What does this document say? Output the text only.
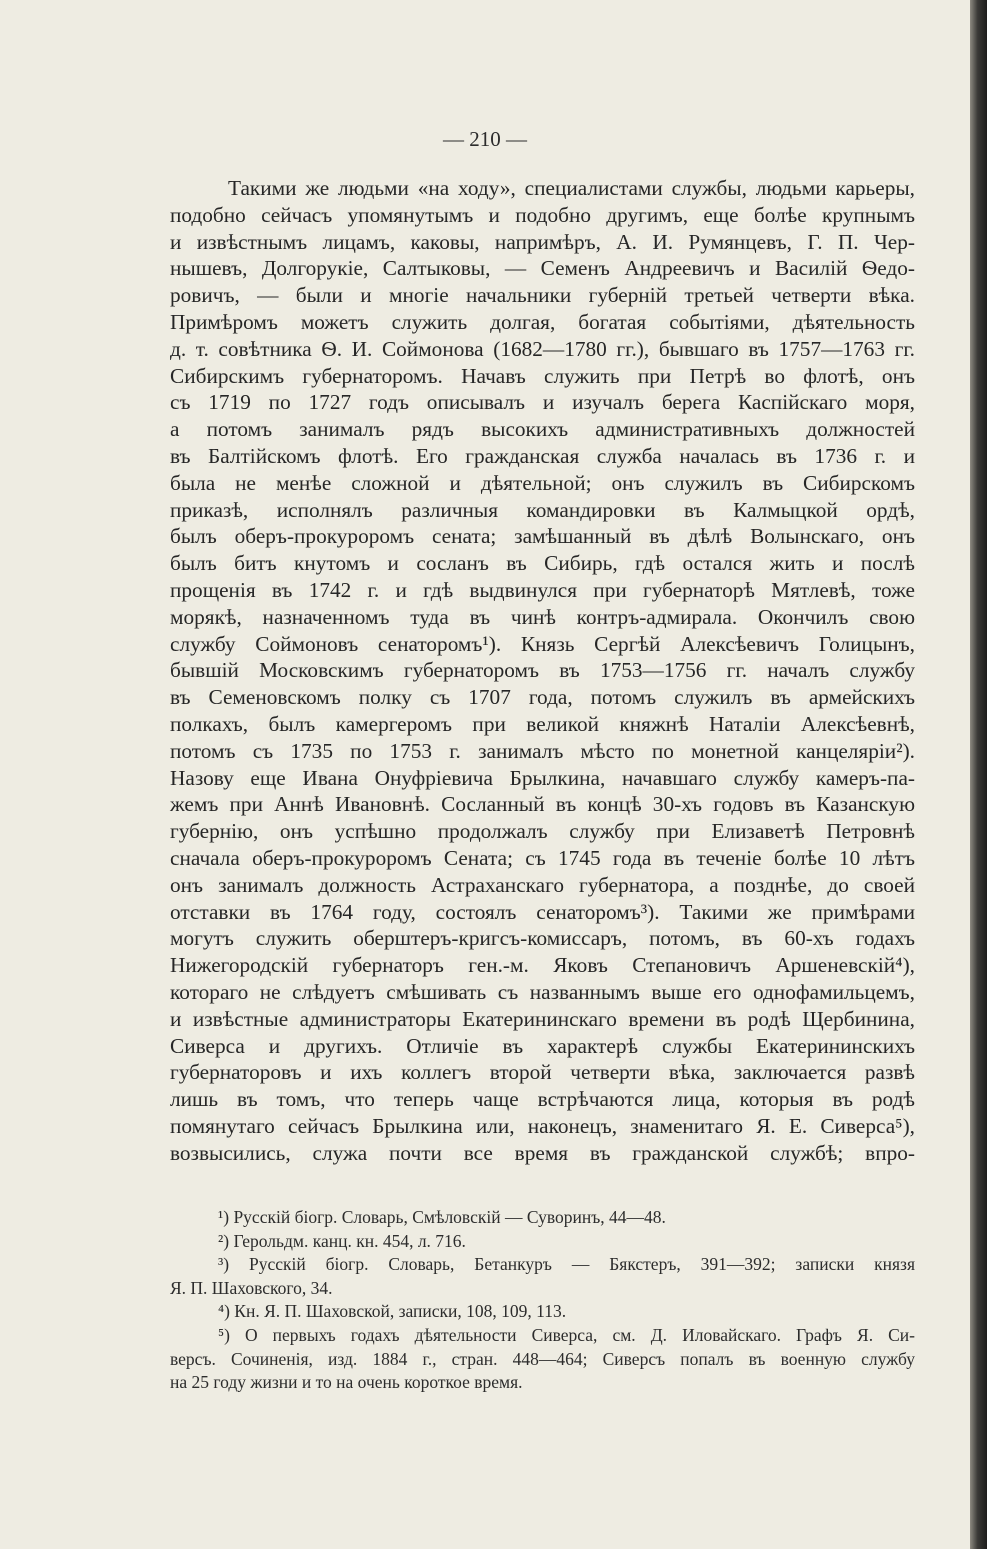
— 210 —
Такими же людьми «на ходу», специалистами службы, людьми карьеры,
подобно сейчасъ упомянутымъ и подобно другимъ, еще болѣе крупнымъ
и извѣстнымъ лицамъ, каковы, напримѣръ, А. И. Румянцевъ, Г. П. Чер-
нышевъ, Долгорукіе, Салтыковы, — Семенъ Андреевичъ и Василій Ѳедо-
ровичъ, — были и многіе начальники губерній третьей четверти вѣка.
Примѣромъ можетъ служить долгая, богатая событіями, дѣятельность
д. т. совѣтника Ѳ. И. Соймонова (1682—1780 гг.), бывшаго въ 1757—1763 гг.
Сибирскимъ губернаторомъ. Начавъ служить при Петрѣ во флотѣ, онъ
съ 1719 по 1727 годъ описывалъ и изучалъ берега Каспійскаго моря,
а потомъ занималъ рядъ высокихъ административныхъ должностей
въ Балтійскомъ флотѣ. Его гражданская служба началась въ 1736 г. и
была не менѣе сложной и дѣятельной; онъ служилъ въ Сибирскомъ
приказѣ, исполнялъ различныя командировки въ Калмыцкой ордѣ,
былъ оберъ-прокуроромъ сената; замѣшанный въ дѣлѣ Волынскаго, онъ
былъ битъ кнутомъ и сосланъ въ Сибирь, гдѣ остался жить и послѣ
прощенія въ 1742 г. и гдѣ выдвинулся при губернаторѣ Мятлевѣ, тоже
морякѣ, назначенномъ туда въ чинѣ контръ-адмирала. Окончилъ свою
службу Соймоновъ сенаторомъ¹). Князь Сергѣй Алексѣевичъ Голицынъ,
бывшій Московскимъ губернаторомъ въ 1753—1756 гг. началъ службу
въ Семеновскомъ полку съ 1707 года, потомъ служилъ въ армейскихъ
полкахъ, былъ камергеромъ при великой княжнѣ Наталіи Алексѣевнѣ,
потомъ съ 1735 по 1753 г. занималъ мѣсто по монетной канцеляріи²).
Назову еще Ивана Онуфріевича Брылкина, начавшаго службу камеръ-па-
жемъ при Аннѣ Ивановнѣ. Сосланный въ концѣ 30-хъ годовъ въ Казанскую
губернію, онъ успѣшно продолжалъ службу при Елизаветѣ Петровнѣ
сначала оберъ-прокуроромъ Сената; съ 1745 года въ теченіе болѣе 10 лѣтъ
онъ занималъ должность Астраханскаго губернатора, а позднѣе, до своей
отставки въ 1764 году, состоялъ сенаторомъ³). Такими же примѣрами
могутъ служить оберштеръ-кригсъ-комиссаръ, потомъ, въ 60-хъ годахъ
Нижегородскій губернаторъ ген.-м. Яковъ Степановичъ Аршеневскій⁴),
котораго не слѣдуетъ смѣшивать съ названнымъ выше его однофамильцемъ,
и извѣстные администраторы Екатерининскаго времени въ родѣ Щербинина,
Сиверса и другихъ. Отличіе въ характерѣ службы Екатерининскихъ
губернаторовъ и ихъ коллегъ второй четверти вѣка, заключается развѣ
лишь въ томъ, что теперь чаще встрѣчаются лица, которыя въ родѣ
помянутаго сейчасъ Брылкина или, наконецъ, знаменитаго Я. Е. Сиверса⁵),
возвысились, служа почти все время въ гражданской службѣ; впро-
¹) Русскій біогр. Словарь, Смѣловскій — Суворинъ, 44—48.
²) Герольдм. канц. кн. 454, л. 716.
³) Русскій біогр. Словарь, Бетанкуръ — Бякстеръ, 391—392; записки князя
Я. П. Шаховского, 34.
⁴) Кн. Я. П. Шаховской, записки, 108, 109, 113.
⁵) О первыхъ годахъ дѣятельности Сиверса, см. Д. Иловайскаго. Графъ Я. Си-
версъ. Сочиненія, изд. 1884 г., стран. 448—464; Сиверсъ попалъ въ военную службу
на 25 году жизни и то на очень короткое время.
